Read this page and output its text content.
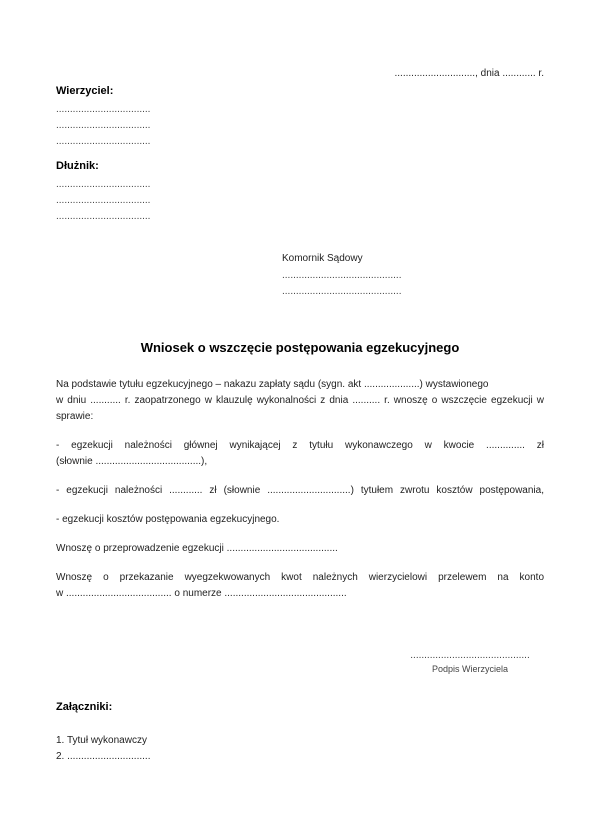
............................., dnia ............ r.
Wierzyciel:
..................................
..................................
..................................
Dłużnik:
..................................
..................................
..................................
Komornik Sądowy
...........................................
...........................................
Wniosek o wszczęcie postępowania egzekucyjnego

Na podstawie tytułu egzekucyjnego – nakazu zapłaty sądu (sygn. akt ....................) wystawionego
w dniu ........... r. zaopatrzonego w klauzulę wykonalności z dnia .......... r. wnoszę o wszczęcie egzekucji w
sprawie:

- egzekucji należności głównej wynikającej z tytułu wykonawczego w kwocie .............. zł
(słownie ......................................),

- egzekucji należności ............ zł (słownie ..............................) tytułem zwrotu kosztów postępowania,

- egzekucji kosztów postępowania egzekucyjnego.

Wnoszę o przeprowadzenie egzekucji ........................................

Wnoszę o przekazanie wyegzekwowanych kwot należnych wierzycielowi przelewem na konto
w ...................................... o numerze ............................................

...........................................
Podpis Wierzyciela
Załączniki:
1. Tytuł wykonawczy
2. ..............................
